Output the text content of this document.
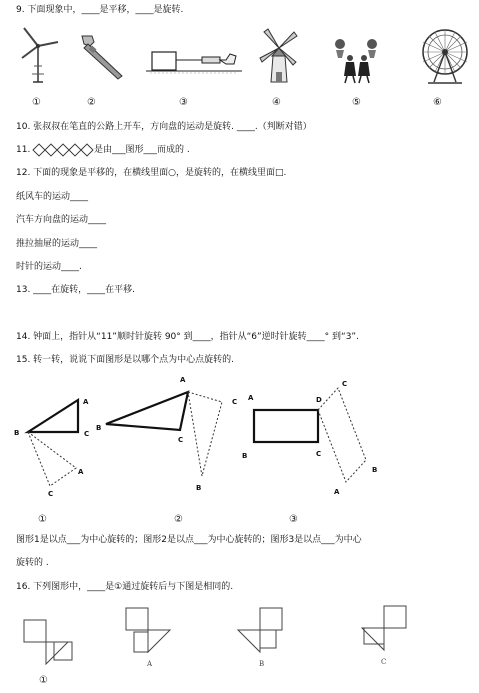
9. 下面现象中，____是平移，____是旋转.
①	②	③	④	⑤	⑥
10. 张叔叔在笔直的公路上开车，方向盘的运动是旋转. ____.（判断对错）
11.	是由___图形___而成的 .
12. 下面的现象是平移的，在横线里面○，是旋转的，在横线里面□.
纸风车的运动____
汽车方向盘的运动____
推拉抽屉的运动____
时针的运动____.
13. ____在旋转，____在平移.
14. 钟面上，指针从“11”顺时针旋转 90° 到____，指针从“6”逆时针旋转____° 到“3”.
15. 转一转，说说下面图形是以哪个点为中心点旋转的.
B
A
C
A
C
B
A
C
C
B
A	D
B	C
C
B
A
①	②	③
图形1是以点___为中心旋转的；图形2是以点___为中心旋转的；图形3是以点___为中心
旋转的 .
16. 下列图形中，____是①通过旋转后与下图是相同的.
①
A	B	C
